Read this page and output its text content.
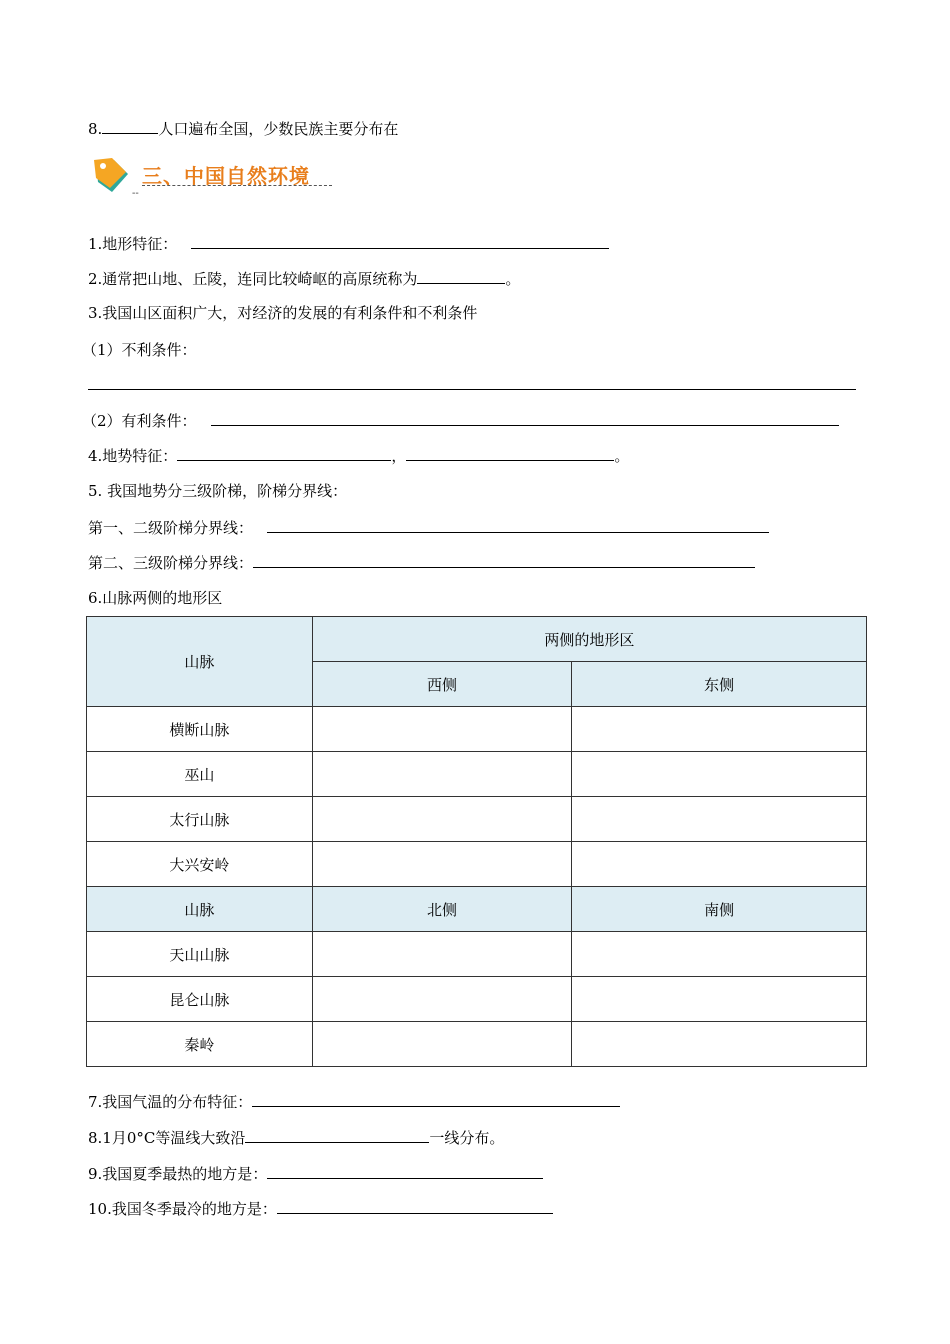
8.	人口遍布全国，少数民族主要分布在
三、中国自然环境
--
1.地形特征：
2.通常把山地、丘陵，连同比较崎岖的高原统称为	。
3.我国山区面积广大，对经济的发展的有利条件和不利条件
（1）不利条件：
（2）有利条件：
4.地势特征：	，	。
5. 我国地势分三级阶梯，阶梯分界线：
第一、二级阶梯分界线：
第二、三级阶梯分界线：
6.山脉两侧的地形区
山脉	两侧的地形区	
	西侧	东侧
横断山脉		
巫山		
太行山脉		
大兴安岭		
山脉	北侧	南侧
天山山脉		
昆仑山脉		
秦岭		
7.我国气温的分布特征：
8.1月0°C等温线大致沿	一线分布。
9.我国夏季最热的地方是：
10.我国冬季最冷的地方是：
